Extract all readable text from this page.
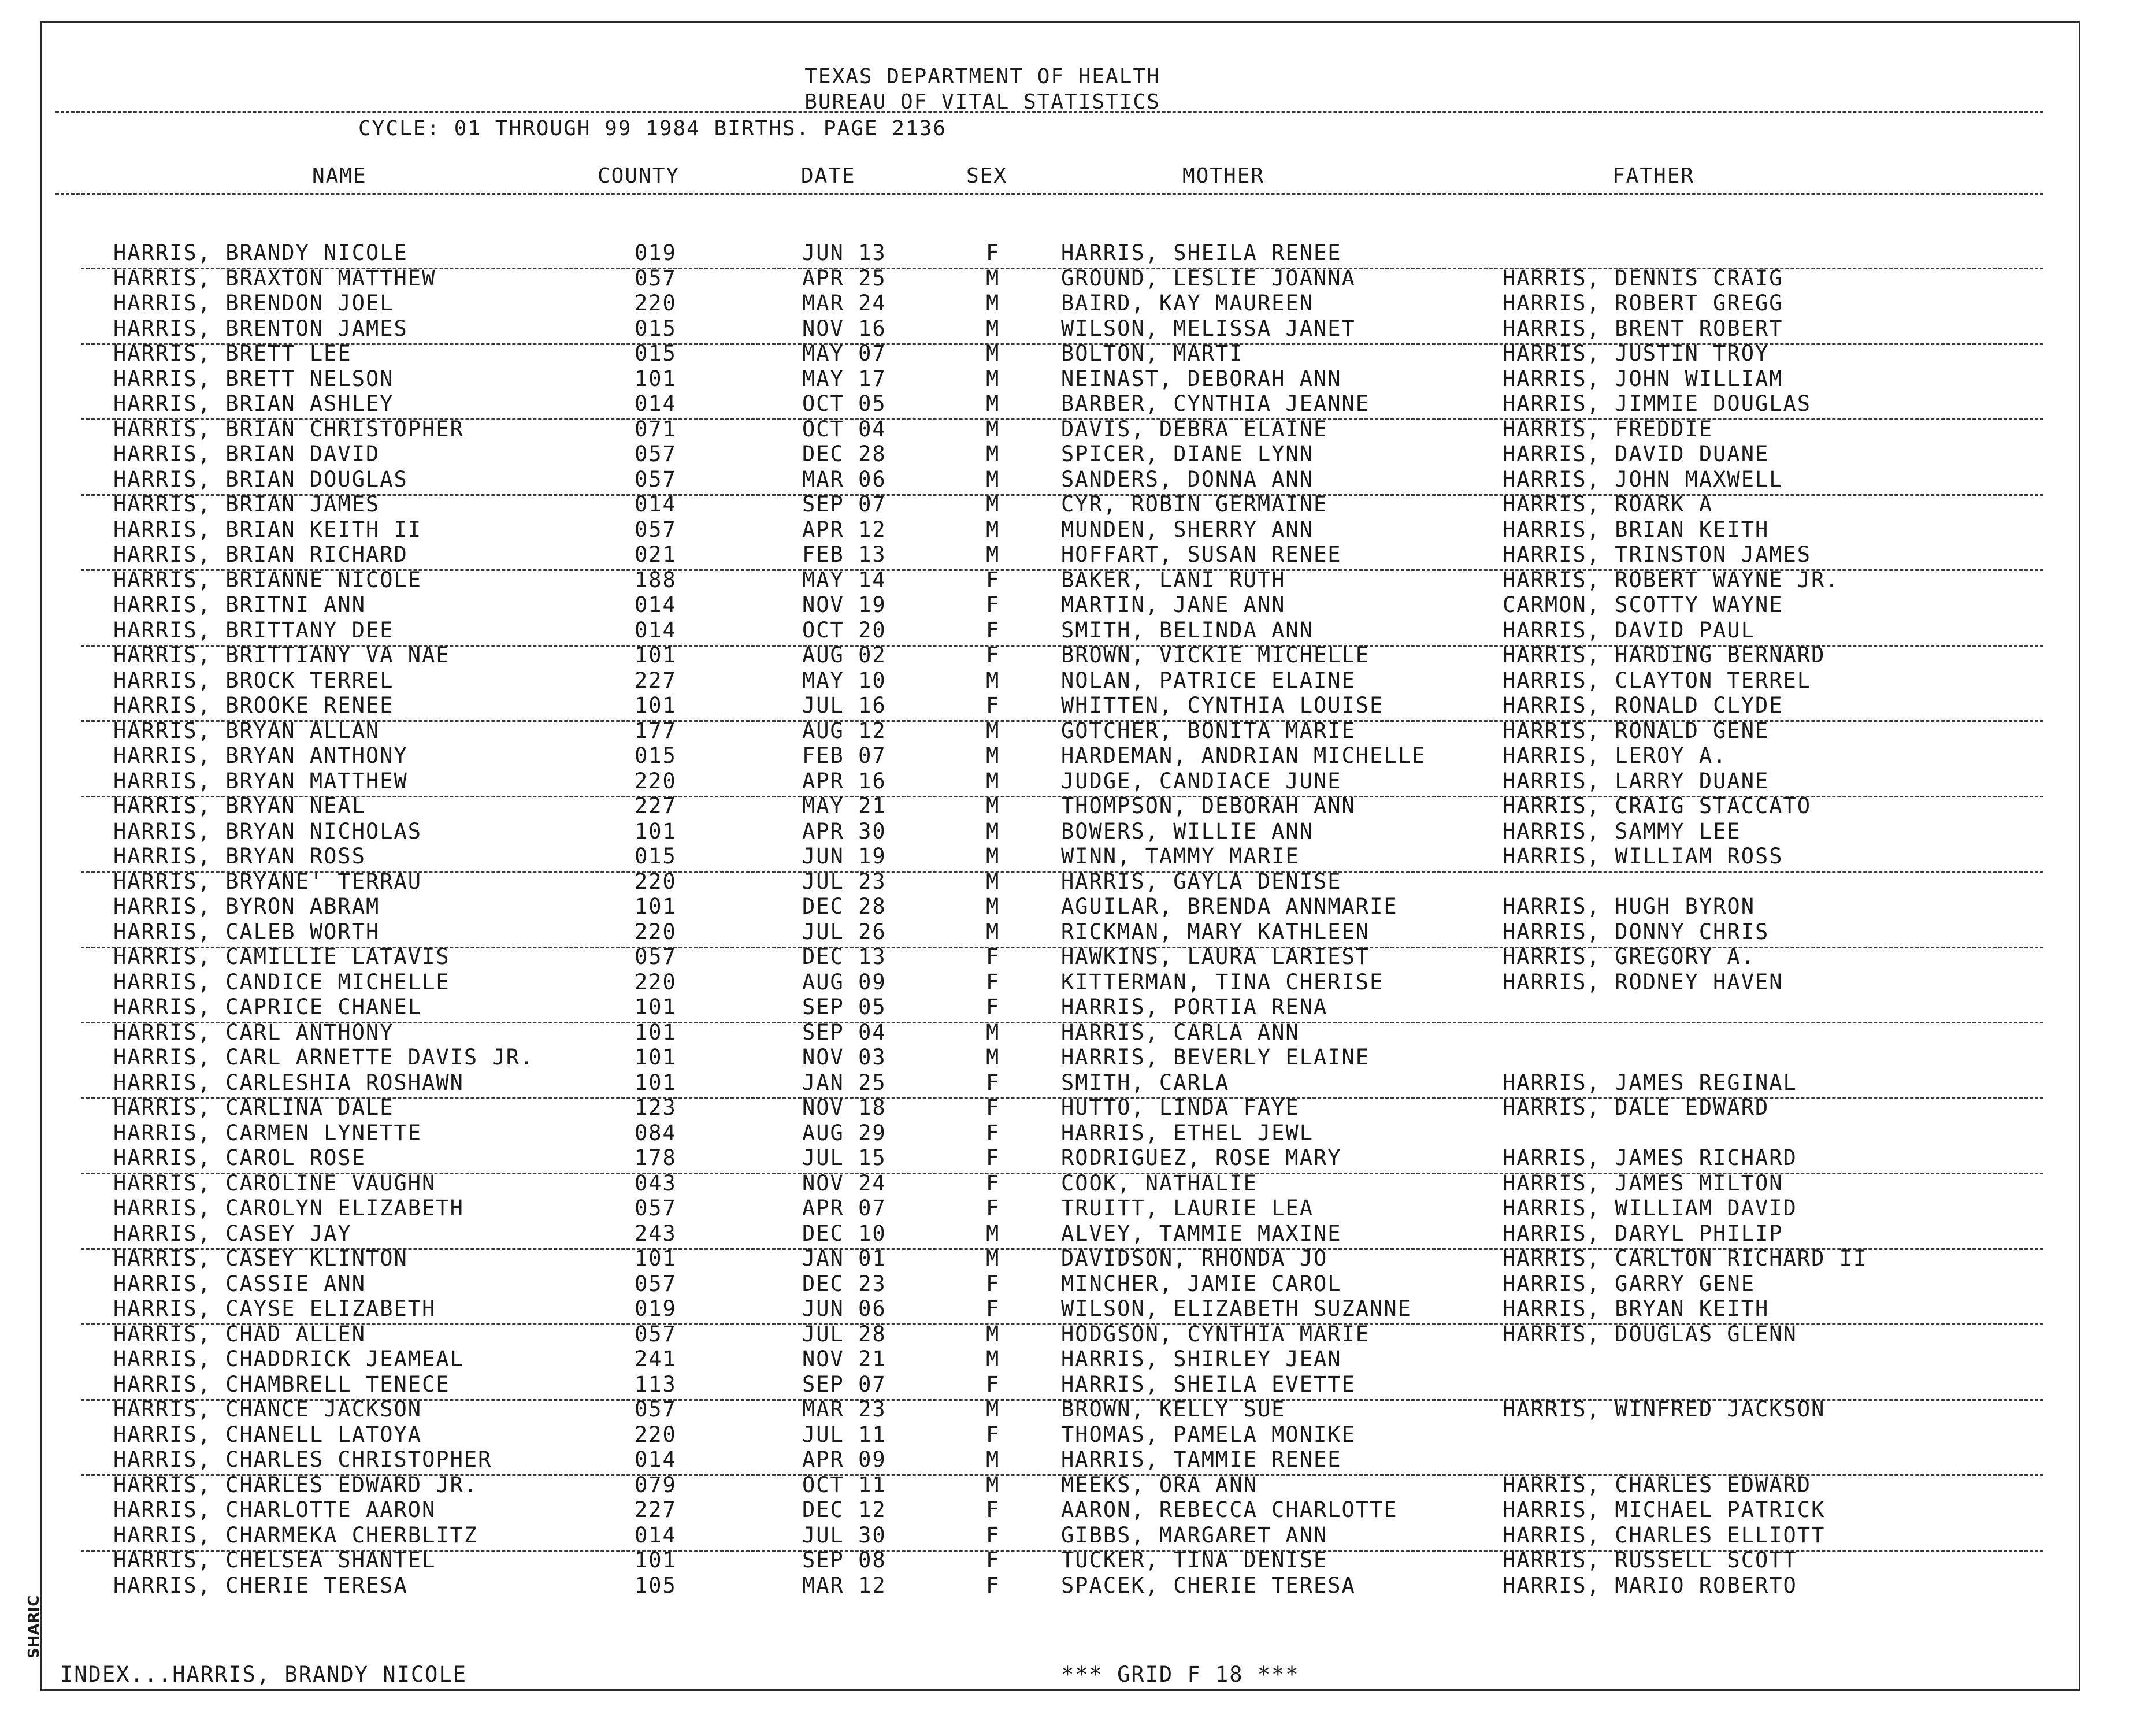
TEXAS DEPARTMENT OF HEALTH
BUREAU OF VITAL STATISTICS
CYCLE: 01 THROUGH 99 1984 BIRTHS. PAGE 2136
NAME	COUNTY	DATE	SEX	MOTHER	FATHER
HARRIS, BRANDY NICOLE	019	JUN 13	F	HARRIS, SHEILA RENEE
HARRIS, BRAXTON MATTHEW	057	APR 25	M	GROUND, LESLIE JOANNA	HARRIS, DENNIS CRAIG
HARRIS, BRENDON JOEL	220	MAR 24	M	BAIRD, KAY MAUREEN	HARRIS, ROBERT GREGG
HARRIS, BRENTON JAMES	015	NOV 16	M	WILSON, MELISSA JANET	HARRIS, BRENT ROBERT
HARRIS, BRETT LEE	015	MAY 07	M	BOLTON, MARTI	HARRIS, JUSTIN TROY
HARRIS, BRETT NELSON	101	MAY 17	M	NEINAST, DEBORAH ANN	HARRIS, JOHN WILLIAM
HARRIS, BRIAN ASHLEY	014	OCT 05	M	BARBER, CYNTHIA JEANNE	HARRIS, JIMMIE DOUGLAS
HARRIS, BRIAN CHRISTOPHER	071	OCT 04	M	DAVIS, DEBRA ELAINE	HARRIS, FREDDIE
HARRIS, BRIAN DAVID	057	DEC 28	M	SPICER, DIANE LYNN	HARRIS, DAVID DUANE
HARRIS, BRIAN DOUGLAS	057	MAR 06	M	SANDERS, DONNA ANN	HARRIS, JOHN MAXWELL
HARRIS, BRIAN JAMES	014	SEP 07	M	CYR, ROBIN GERMAINE	HARRIS, ROARK A
HARRIS, BRIAN KEITH II	057	APR 12	M	MUNDEN, SHERRY ANN	HARRIS, BRIAN KEITH
HARRIS, BRIAN RICHARD	021	FEB 13	M	HOFFART, SUSAN RENEE	HARRIS, TRINSTON JAMES
HARRIS, BRIANNE NICOLE	188	MAY 14	F	BAKER, LANI RUTH	HARRIS, ROBERT WAYNE JR.
HARRIS, BRITNI ANN	014	NOV 19	F	MARTIN, JANE ANN	CARMON, SCOTTY WAYNE
HARRIS, BRITTANY DEE	014	OCT 20	F	SMITH, BELINDA ANN	HARRIS, DAVID PAUL
HARRIS, BRITTIANY VA NAE	101	AUG 02	F	BROWN, VICKIE MICHELLE	HARRIS, HARDING BERNARD
HARRIS, BROCK TERREL	227	MAY 10	M	NOLAN, PATRICE ELAINE	HARRIS, CLAYTON TERREL
HARRIS, BROOKE RENEE	101	JUL 16	F	WHITTEN, CYNTHIA LOUISE	HARRIS, RONALD CLYDE
HARRIS, BRYAN ALLAN	177	AUG 12	M	GOTCHER, BONITA MARIE	HARRIS, RONALD GENE
HARRIS, BRYAN ANTHONY	015	FEB 07	M	HARDEMAN, ANDRIAN MICHELLE	HARRIS, LEROY A.
HARRIS, BRYAN MATTHEW	220	APR 16	M	JUDGE, CANDIACE JUNE	HARRIS, LARRY DUANE
HARRIS, BRYAN NEAL	227	MAY 21	M	THOMPSON, DEBORAH ANN	HARRIS, CRAIG STACCATO
HARRIS, BRYAN NICHOLAS	101	APR 30	M	BOWERS, WILLIE ANN	HARRIS, SAMMY LEE
HARRIS, BRYAN ROSS	015	JUN 19	M	WINN, TAMMY MARIE	HARRIS, WILLIAM ROSS
HARRIS, BRYANE' TERRAU	220	JUL 23	M	HARRIS, GAYLA DENISE
HARRIS, BYRON ABRAM	101	DEC 28	M	AGUILAR, BRENDA ANNMARIE	HARRIS, HUGH BYRON
HARRIS, CALEB WORTH	220	JUL 26	M	RICKMAN, MARY KATHLEEN	HARRIS, DONNY CHRIS
HARRIS, CAMILLIE LATAVIS	057	DEC 13	F	HAWKINS, LAURA LARIEST	HARRIS, GREGORY A.
HARRIS, CANDICE MICHELLE	220	AUG 09	F	KITTERMAN, TINA CHERISE	HARRIS, RODNEY HAVEN
HARRIS, CAPRICE CHANEL	101	SEP 05	F	HARRIS, PORTIA RENA
HARRIS, CARL ANTHONY	101	SEP 04	M	HARRIS, CARLA ANN
HARRIS, CARL ARNETTE DAVIS JR.	101	NOV 03	M	HARRIS, BEVERLY ELAINE
HARRIS, CARLESHIA ROSHAWN	101	JAN 25	F	SMITH, CARLA	HARRIS, JAMES REGINAL
HARRIS, CARLINA DALE	123	NOV 18	F	HUTTO, LINDA FAYE	HARRIS, DALE EDWARD
HARRIS, CARMEN LYNETTE	084	AUG 29	F	HARRIS, ETHEL JEWL
HARRIS, CAROL ROSE	178	JUL 15	F	RODRIGUEZ, ROSE MARY	HARRIS, JAMES RICHARD
HARRIS, CAROLINE VAUGHN	043	NOV 24	F	COOK, NATHALIE	HARRIS, JAMES MILTON
HARRIS, CAROLYN ELIZABETH	057	APR 07	F	TRUITT, LAURIE LEA	HARRIS, WILLIAM DAVID
HARRIS, CASEY JAY	243	DEC 10	M	ALVEY, TAMMIE MAXINE	HARRIS, DARYL PHILIP
HARRIS, CASEY KLINTON	101	JAN 01	M	DAVIDSON, RHONDA JO	HARRIS, CARLTON RICHARD II
HARRIS, CASSIE ANN	057	DEC 23	F	MINCHER, JAMIE CAROL	HARRIS, GARRY GENE
HARRIS, CAYSE ELIZABETH	019	JUN 06	F	WILSON, ELIZABETH SUZANNE	HARRIS, BRYAN KEITH
HARRIS, CHAD ALLEN	057	JUL 28	M	HODGSON, CYNTHIA MARIE	HARRIS, DOUGLAS GLENN
HARRIS, CHADDRICK JEAMEAL	241	NOV 21	M	HARRIS, SHIRLEY JEAN
HARRIS, CHAMBRELL TENECE	113	SEP 07	F	HARRIS, SHEILA EVETTE
HARRIS, CHANCE JACKSON	057	MAR 23	M	BROWN, KELLY SUE	HARRIS, WINFRED JACKSON
HARRIS, CHANELL LATOYA	220	JUL 11	F	THOMAS, PAMELA MONIKE
HARRIS, CHARLES CHRISTOPHER	014	APR 09	M	HARRIS, TAMMIE RENEE
HARRIS, CHARLES EDWARD JR.	079	OCT 11	M	MEEKS, ORA ANN	HARRIS, CHARLES EDWARD
HARRIS, CHARLOTTE AARON	227	DEC 12	F	AARON, REBECCA CHARLOTTE	HARRIS, MICHAEL PATRICK
HARRIS, CHARMEKA CHERBLITZ	014	JUL 30	F	GIBBS, MARGARET ANN	HARRIS, CHARLES ELLIOTT
HARRIS, CHELSEA SHANTEL	101	SEP 08	F	TUCKER, TINA DENISE	HARRIS, RUSSELL SCOTT
HARRIS, CHERIE TERESA	105	MAR 12	F	SPACEK, CHERIE TERESA	HARRIS, MARIO ROBERTO
INDEX...HARRIS, BRANDY NICOLE	*** GRID F 18 ***
SHARIC
